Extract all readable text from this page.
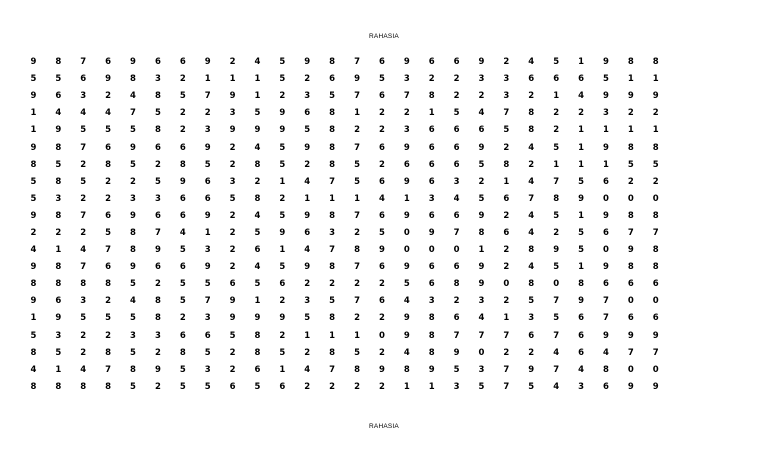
RAHASIA
9	8	7	6	9	6	6	9	2	4	5	9	8	7	6	9	6	6	9	2	4	5	1	9	8	8
5	5	6	9	8	3	2	1	1	1	5	2	6	9	5	3	2	2	3	3	6	6	6	5	1	1
9	6	3	2	4	8	5	7	9	1	2	3	5	7	6	7	8	2	2	3	2	1	4	9	9	9
1	4	4	4	7	5	2	2	3	5	9	6	8	1	2	2	1	5	4	7	8	2	2	3	2	2
1	9	5	5	5	8	2	3	9	9	9	5	8	2	2	3	6	6	6	5	8	2	1	1	1	1
9	8	7	6	9	6	6	9	2	4	5	9	8	7	6	9	6	6	9	2	4	5	1	9	8	8
8	5	2	8	5	2	8	5	2	8	5	2	8	5	2	6	6	6	5	8	2	1	1	1	5	5
5	8	5	2	2	5	9	6	3	2	1	4	7	5	6	9	6	3	2	1	4	7	5	6	2	2
5	3	2	2	3	3	6	6	5	8	2	1	1	1	4	1	3	4	5	6	7	8	9	0	0	0
9	8	7	6	9	6	6	9	2	4	5	9	8	7	6	9	6	6	9	2	4	5	1	9	8	8
2	2	2	5	8	7	4	1	2	5	9	6	3	2	5	0	9	7	8	6	4	2	5	6	7	7
4	1	4	7	8	9	5	3	2	6	1	4	7	8	9	0	0	0	1	2	8	9	5	0	9	8
9	8	7	6	9	6	6	9	2	4	5	9	8	7	6	9	6	6	9	2	4	5	1	9	8	8
8	8	8	8	5	2	5	5	6	5	6	2	2	2	2	5	6	8	9	0	8	0	8	6	6	6
9	6	3	2	4	8	5	7	9	1	2	3	5	7	6	4	3	2	3	2	5	7	9	7	0	0
1	9	5	5	5	8	2	3	9	9	9	5	8	2	2	9	8	6	4	1	3	5	6	7	6	6
5	3	2	2	3	3	6	6	5	8	2	1	1	1	0	9	8	7	7	7	6	7	6	9	9	9
8	5	2	8	5	2	8	5	2	8	5	2	8	5	2	4	8	9	0	2	2	4	6	4	7	7
4	1	4	7	8	9	5	3	2	6	1	4	7	8	9	8	9	5	3	7	9	7	4	8	0	0
8	8	8	8	5	2	5	5	6	5	6	2	2	2	2	1	1	3	5	7	5	4	3	6	9	9
RAHASIA
